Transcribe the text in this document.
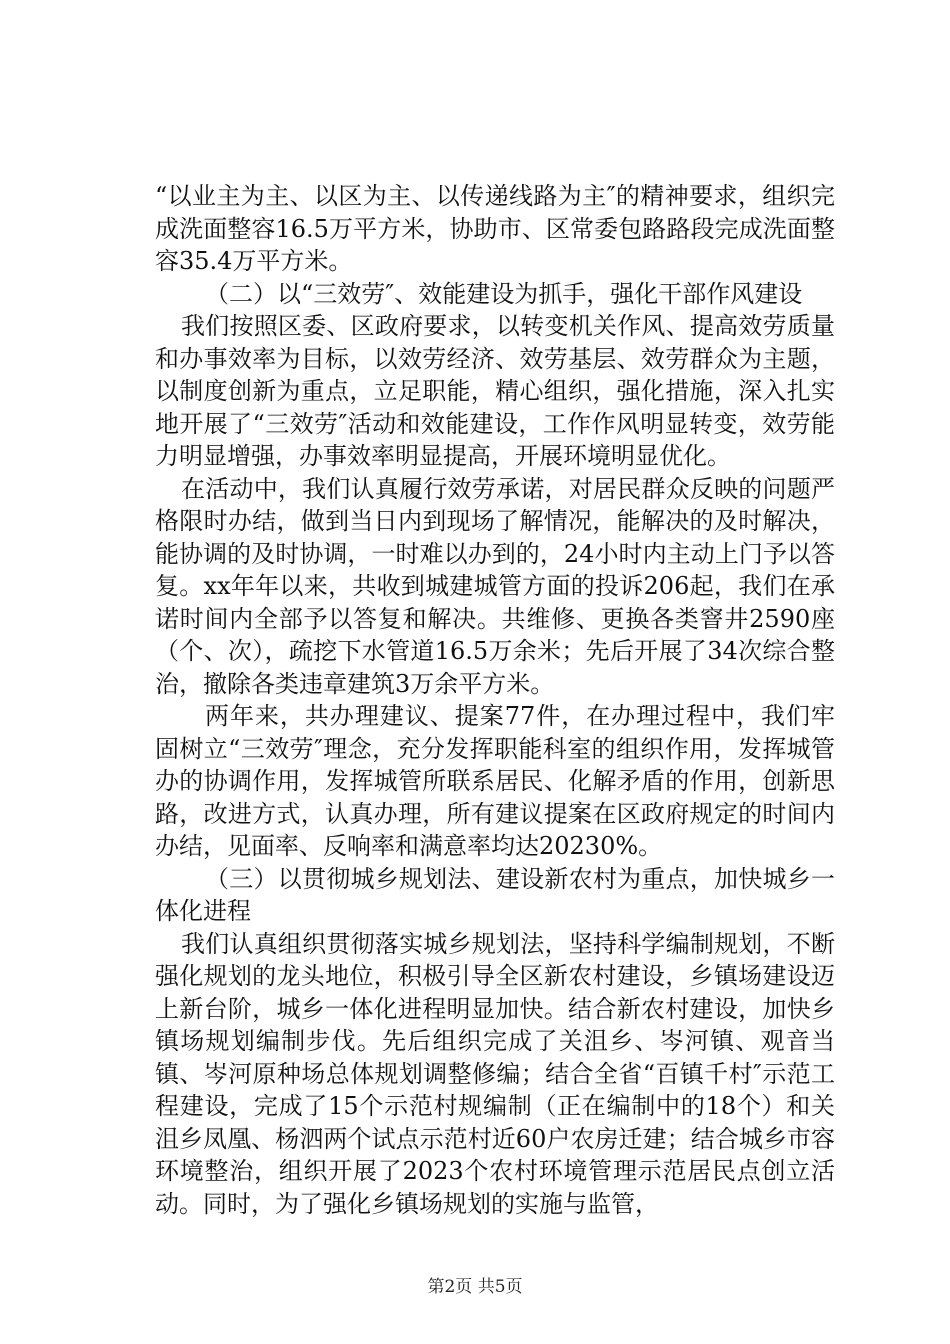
“以业主为主、以区为主、以传递线路为主″的精神要求，组织完成洗面整容16.5万平方米，协助市、区常委包路路段完成洗面整容35.4万平方米。

（二）以“三效劳″、效能建设为抓手，强化干部作风建设

我们按照区委、区政府要求，以转变机关作风、提高效劳质量和办事效率为目标，以效劳经济、效劳基层、效劳群众为主题，以制度创新为重点，立足职能，精心组织，强化措施，深入扎实地开展了“三效劳″活动和效能建设，工作作风明显转变，效劳能力明显增强，办事效率明显提高，开展环境明显优化。

在活动中，我们认真履行效劳承诺，对居民群众反映的问题严格限时办结，做到当日内到现场了解情况，能解决的及时解决，能协调的及时协调，一时难以办到的，24小时内主动上门予以答复。xx年年以来，共收到城建城管方面的投诉206起，我们在承诺时间内全部予以答复和解决。共维修、更换各类窨井2590座（个、次），疏挖下水管道16.5万余米；先后开展了34次综合整治，撤除各类违章建筑3万余平方米。

两年来，共办理建议、提案77件，在办理过程中，我们牢固树立“三效劳″理念，充分发挥职能科室的组织作用，发挥城管办的协调作用，发挥城管所联系居民、化解矛盾的作用，创新思路，改进方式，认真办理，所有建议提案在区政府规定的时间内办结，见面率、反响率和满意率均达20230%。

（三）以贯彻城乡规划法、建设新农村为重点，加快城乡一体化进程

我们认真组织贯彻落实城乡规划法，坚持科学编制规划，不断强化规划的龙头地位，积极引导全区新农村建设，乡镇场建设迈上新台阶，城乡一体化进程明显加快。结合新农村建设，加快乡镇场规划编制步伐。先后组织完成了关沮乡、岑河镇、观音当镇、岑河原种场总体规划调整修编；结合全省“百镇千村″示范工程建设，完成了15个示范村规编制（正在编制中的18个）和关沮乡凤凰、杨泗两个试点示范村近60户农房迁建；结合城乡市容环境整治，组织开展了2023个农村环境管理示范居民点创立活动。同时，为了强化乡镇场规划的实施与监管，

第2页 共5页
